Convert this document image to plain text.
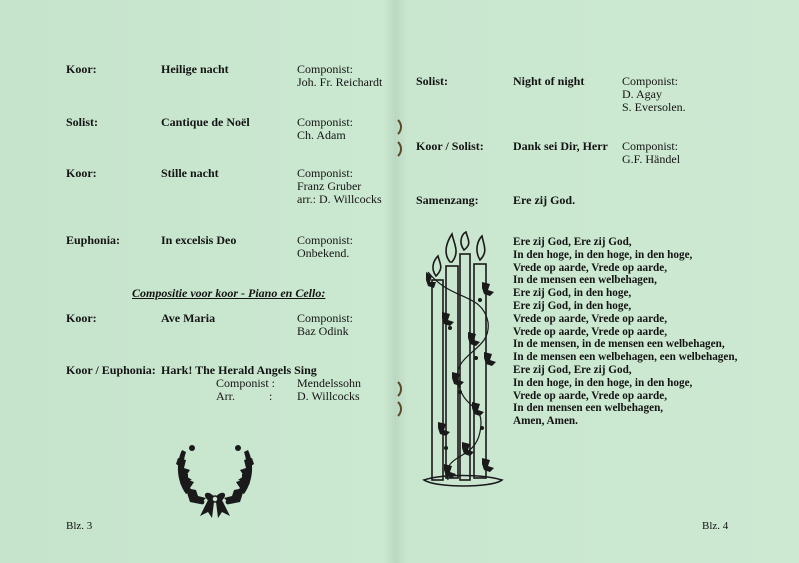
Koor:	Heilige nacht	Componist:
Joh. Fr. Reichardt
Solist:	Cantique de Noël	Componist:
Ch. Adam
Koor:	Stille nacht	Componist:
Franz Gruber
arr.: D. Willcocks
Euphonia:	In excelsis Deo	Componist:
Onbekend.
Compositie voor koor - Piano en Cello:
Koor:	Ave Maria	Componist:
Baz Odink
Koor / Euphonia: Hark! The Herald Angels Sing
Componist : Mendelssohn
Arr.	: D. Willcocks
Blz. 3
Solist:	Night of night	Componist:
D. Agay
S. Eversolen.
Koor / Solist: Dank sei Dir, Herr Componist:
G.F. Händel
Samenzang:	Ere zij God.
Ere zij God, Ere zij God,
In den hoge, in den hoge, in den hoge,
Vrede op aarde, Vrede op aarde,
In de mensen een welbehagen,
Ere zij God, in den hoge,
Ere zij God, in den hoge,
Vrede op aarde, Vrede op aarde,
Vrede op aarde, Vrede op aarde,
In de mensen, in de mensen een welbehagen,
In de mensen een welbehagen, een welbehagen,
Ere zij God, Ere zij God,
In den hoge, in den hoge, in den hoge,
Vrede op aarde, Vrede op aarde,
In den mensen een welbehagen,
Amen, Amen.
Blz. 4
